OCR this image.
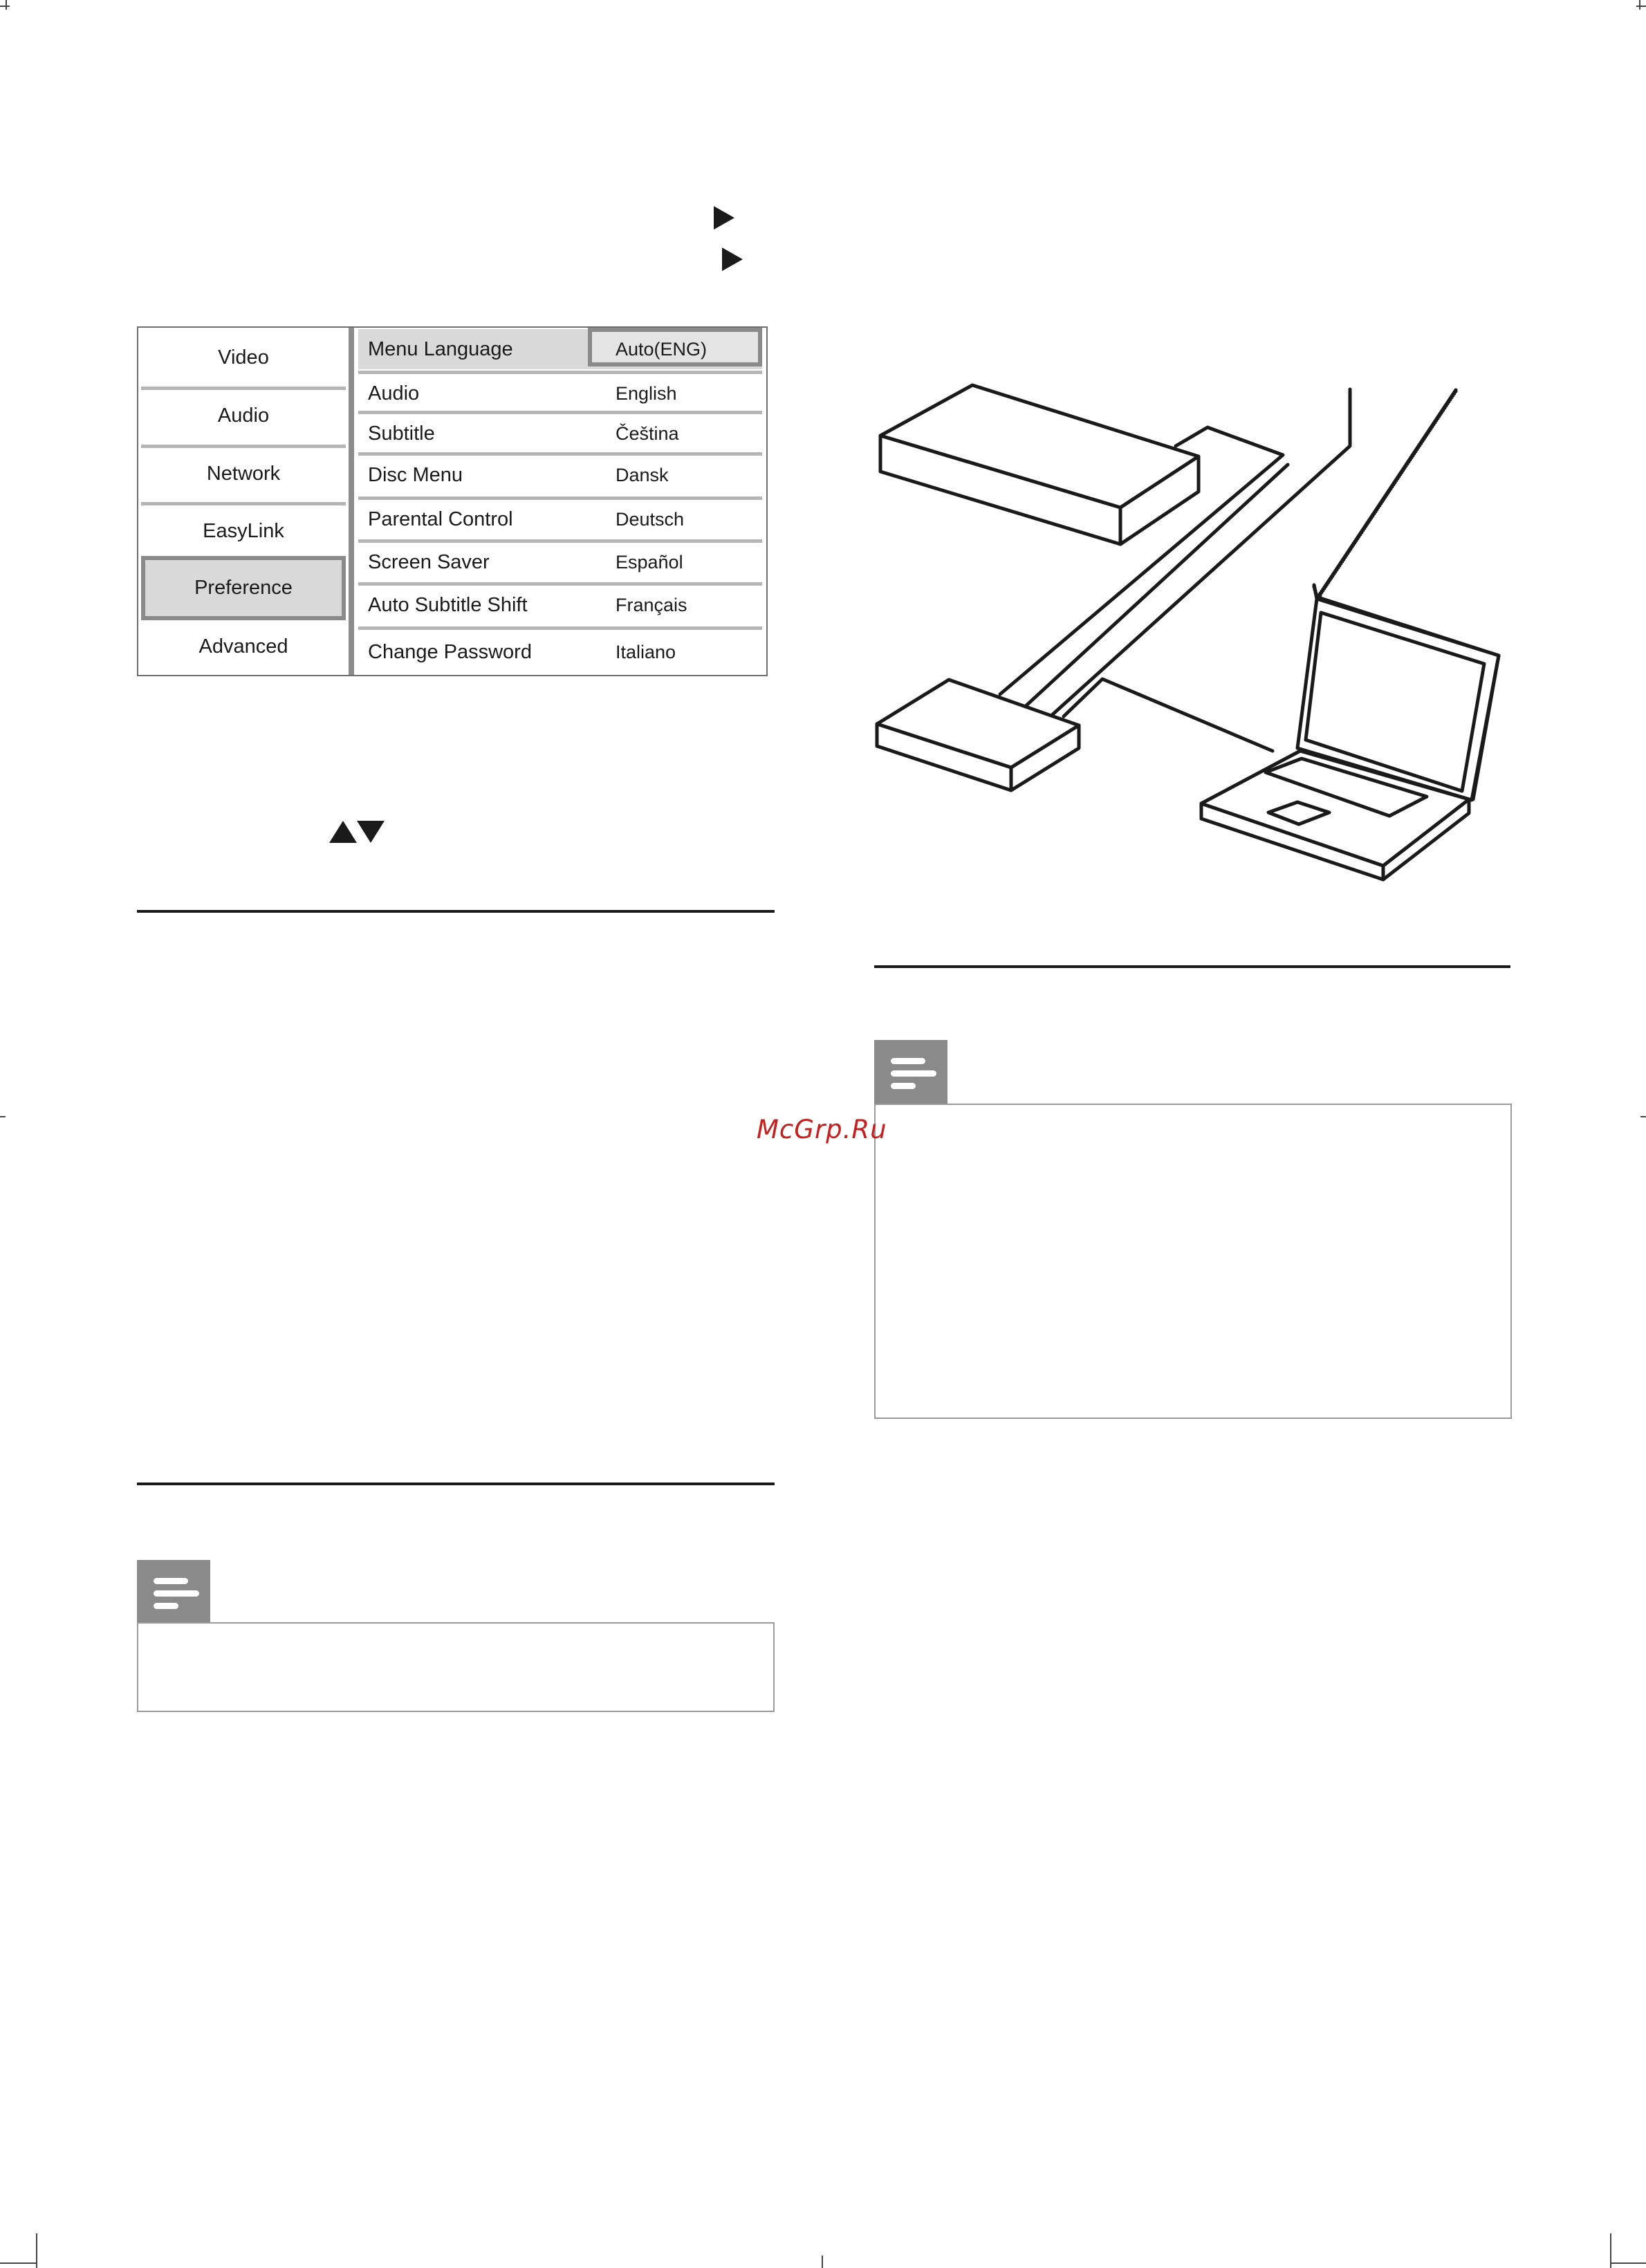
Video
Audio
Network
EasyLink
Preference
Advanced
Menu Language	Auto(ENG)
Audio	English
Subtitle	Čeština
Disc Menu	Dansk
Parental Control	Deutsch
Screen Saver	Español
Auto Subtitle Shift	Français
Change Password	Italiano
McGrp.Ru
